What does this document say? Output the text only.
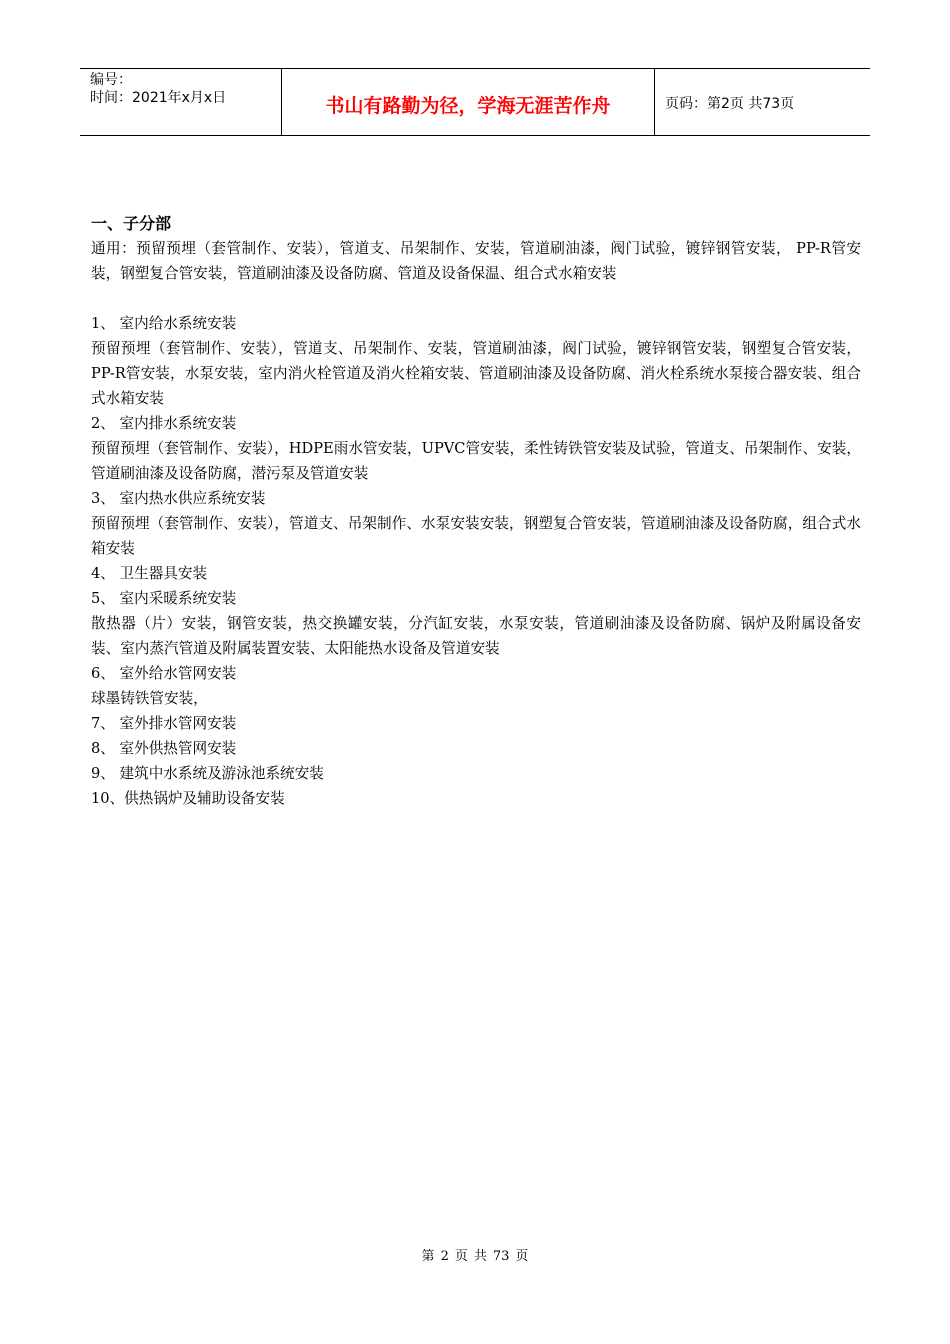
编号：
时间：2021年x月x日	书山有路勤为径，学海无涯苦作舟	页码：第2页 共73页
一、子分部

通用：预留预埋（套管制作、安装），管道支、吊架制作、安装，管道刷油漆，阀门试验，镀锌钢管安装， PP-R管安装，钢塑复合管安装，管道刷油漆及设备防腐、管道及设备保温、组合式水箱安装

1、 室内给水系统安装

预留预埋（套管制作、安装），管道支、吊架制作、安装，管道刷油漆，阀门试验，镀锌钢管安装，钢塑复合管安装，PP-R管安装，水泵安装，室内消火栓管道及消火栓箱安装、管道刷油漆及设备防腐、消火栓系统水泵接合器安装、组合式水箱安装

2、 室内排水系统安装

预留预埋（套管制作、安装），HDPE雨水管安装，UPVC管安装，柔性铸铁管安装及试验，管道支、吊架制作、安装，管道刷油漆及设备防腐，潜污泵及管道安装

3、 室内热水供应系统安装

预留预埋（套管制作、安装），管道支、吊架制作、水泵安装安装，钢塑复合管安装，管道刷油漆及设备防腐，组合式水箱安装

4、 卫生器具安装

5、 室内采暖系统安装

散热器（片）安装，钢管安装，热交换罐安装，分汽缸安装，水泵安装，管道刷油漆及设备防腐、锅炉及附属设备安装、室内蒸汽管道及附属装置安装、太阳能热水设备及管道安装

6、 室外给水管网安装

球墨铸铁管安装，

7、 室外排水管网安装

8、 室外供热管网安装

9、 建筑中水系统及游泳池系统安装

10、供热锅炉及辅助设备安装

第 2 页 共 73 页
